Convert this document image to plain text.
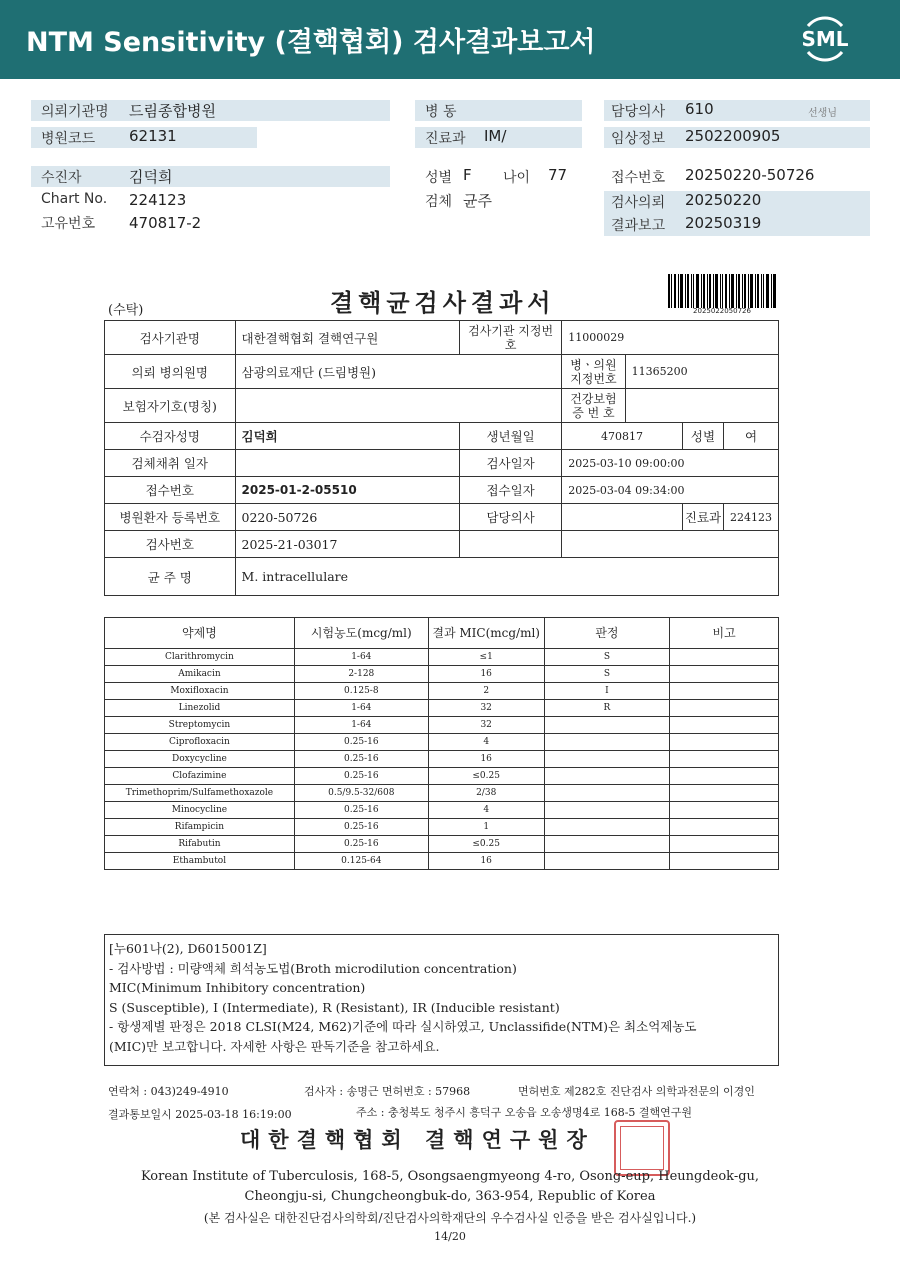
NTM Sensitivity (결핵협회) 검사결과보고서	SML
의뢰기관명 드림종합병원	병 동	담당의사 610	선생님
병원코드 62131	진료과 IM/	임상정보 2502200905
수진자	김덕희	성별 F 나이 77	접수번호 20250220-50726
Chart No. 224123	검체 균주	검사의뢰 20250220
고유번호 470817-2	결과보고 20250319
(수탁)	결핵균검사결과서	2025022050726
검사기관명	대한결핵협회 결핵연구원	검사기관 지정번호	11000029			
의뢰 병의원명	삼광의료재단 (드림병원)		병ㆍ의원 지정번호	11365200		
보험자기호(명칭)			건강보험 증 번 호			
수검자성명	김덕희	생년월일	470817		성별	여
검체채취 일자		검사일자	2025-03-10 09:00:00			
접수번호	2025-01-2-05510	접수일자	2025-03-04 09:34:00			
병원환자 등록번호	0220-50726	담당의사			진료과	224123
검사번호	2025-21-03017					
균 주 명	M. intracellulare					
약제명	시험농도(mcg/ml)	결과 MIC(mcg/ml)	판정	비고
Clarithromycin	1-64	≤1	S	
Amikacin	2-128	16	S	
Moxifloxacin	0.125-8	2	I	
Linezolid	1-64	32	R	
Streptomycin	1-64	32		
Ciprofloxacin	0.25-16	4		
Doxycycline	0.25-16	16		
Clofazimine	0.25-16	≤0.25		
Trimethoprim/Sulfamethoxazole	0.5/9.5-32/608	2/38		
Minocycline	0.25-16	4		
Rifampicin	0.25-16	1		
Rifabutin	0.25-16	≤0.25		
Ethambutol	0.125-64	16		
[누601나(2), D6015001Z]
- 검사방법 : 미량액체 희석농도법(Broth microdilution concentration)
MIC(Minimum Inhibitory concentration)
S (Susceptible), I (Intermediate), R (Resistant), IR (Inducible resistant)
- 항생제별 판정은 2018 CLSI(M24, M62)기준에 따라 실시하였고, Unclassifide(NTM)은 최소억제농도
(MIC)만 보고합니다. 자세한 사항은 판독기준을 참고하세요.
연락처 : 043)249-4910	검사자 : 송명근 면허번호 : 57968	면허번호 제282호 진단검사 의학과전문의 이경인
결과통보일시 2025-03-18 16:19:00	주소 : 충청북도 청주시 흥덕구 오송읍 오송생명4로 168-5 결핵연구원
대한결핵협회 결핵연구원장
Korean Institute of Tuberculosis, 168-5, Osongsaengmyeong 4-ro, Osong-eup, Heungdeok-gu,
Cheongju-si, Chungcheongbuk-do, 363-954, Republic of Korea
(본 검사실은 대한진단검사의학회/진단검사의학재단의 우수검사실 인증을 받은 검사실입니다.)
14/20
